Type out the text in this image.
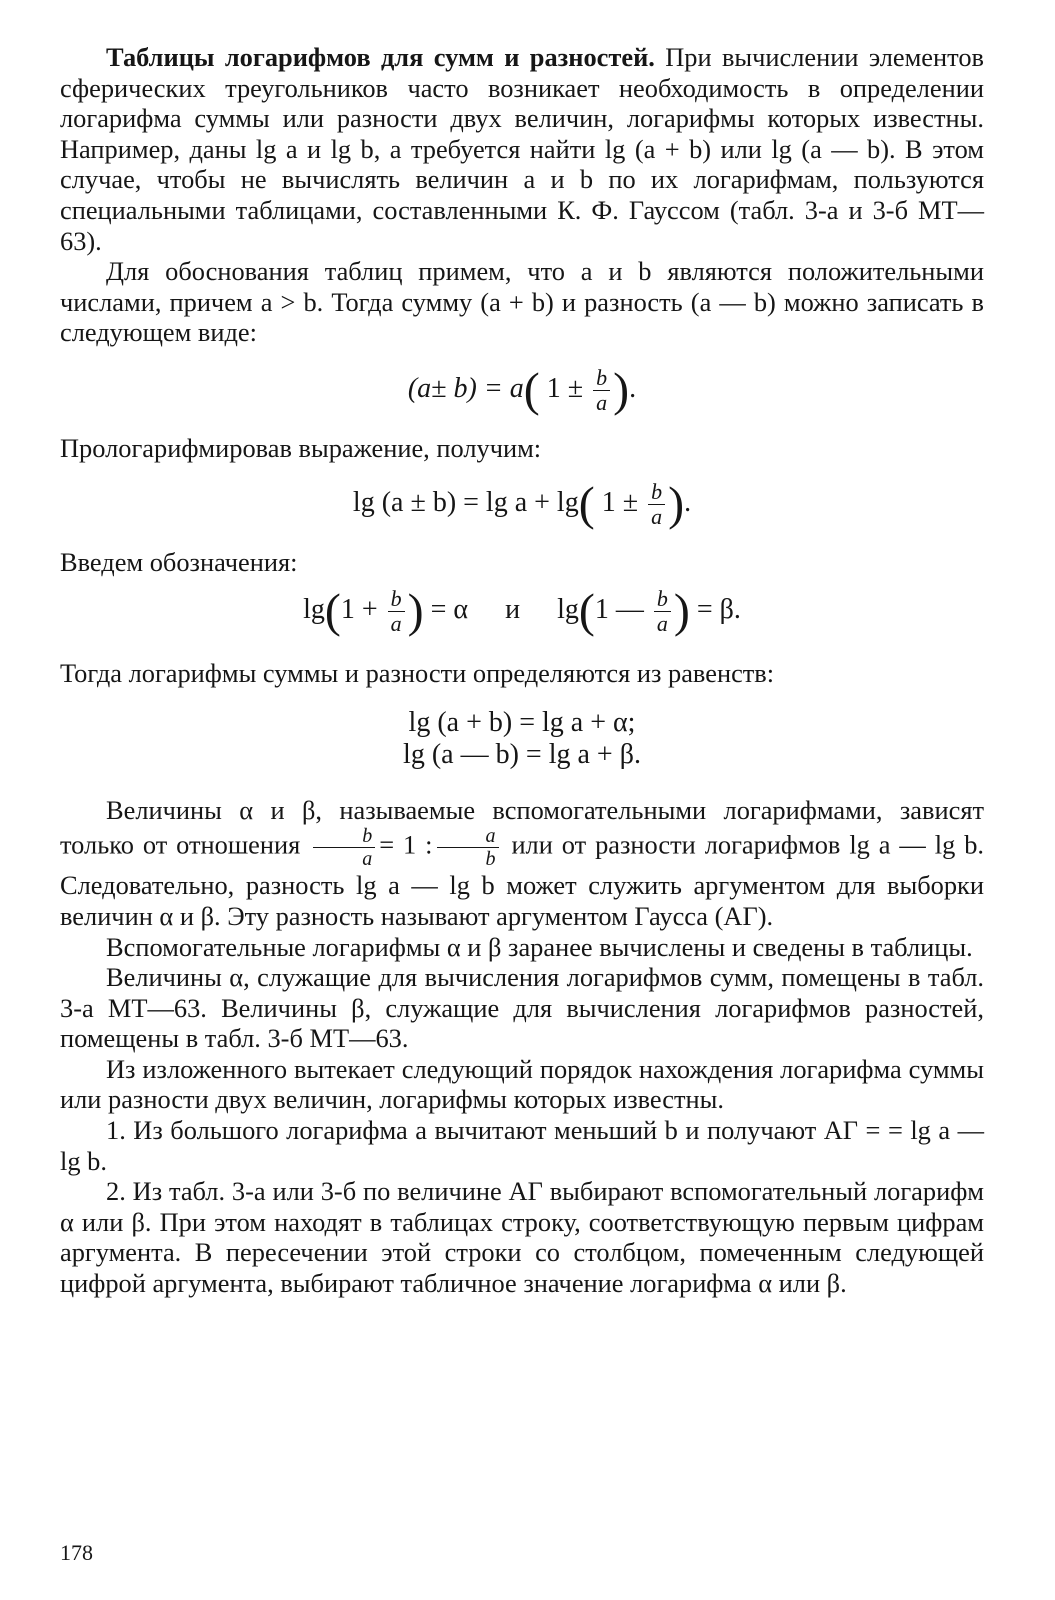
Таблицы логарифмов для сумм и разностей. При вычислении элементов сферических треугольников часто возникает необходимость в определении логарифма суммы или разности двух величин, логарифмы которых известны. Например, даны lg a и lg b, а требуется найти lg (a + b) или lg (a — b). В этом случае, чтобы не вычислять величин a и b по их логарифмам, пользуются специальными таблицами, составленными К. Ф. Гауссом (табл. 3-а и 3-б МТ—63).

Для обоснования таблиц примем, что a и b являются положительными числами, причем a > b. Тогда сумму (a + b) и разность (a — b) можно записать в следующем виде:

(a± b) = a( $1 \pm \frac{b}{a}$ ).

Прологарифмировав выражение, получим:

lg (a ± b) = lg a + lg( $1 \pm \frac{b}{a}$ ).

Введем обозначения:

$\lg(1 + \frac{b}{a}$ ) = α и lg(1 — $\frac{b}{a}$ ) = β.

Тогда логарифмы суммы и разности определяются из равенств:

lg (a + b) = lg a + α;
lg (a — b) = lg a + β.

Величины α и β, называемые вспомогательными логарифмами, зависят только от отношения $\frac{b}{a} = 1$ : $\frac{a}{b}$ или от разности логарифмов lg a — lg b. Следовательно, разность lg a — lg b может служить аргументом для выборки величин α и β. Эту разность называют аргументом Гаусса (АГ).

Вспомогательные логарифмы α и β заранее вычислены и сведены в таблицы.

Величины α, служащие для вычисления логарифмов сумм, помещены в табл. 3-а МТ—63. Величины β, служащие для вычисления логарифмов разностей, помещены в табл. 3-б МТ—63.

Из изложенного вытекает следующий порядок нахождения логарифма суммы или разности двух величин, логарифмы которых известны.

1. Из большого логарифма a вычитают меньший b и получают АГ = = lg a — lg b.

2. Из табл. 3-а или 3-б по величине АГ выбирают вспомогательный логарифм α или β. При этом находят в таблицах строку, соответствующую первым цифрам аргумента. В пересечении этой строки со столбцом, помеченным следующей цифрой аргумента, выбирают табличное значение логарифма α или β.

178
